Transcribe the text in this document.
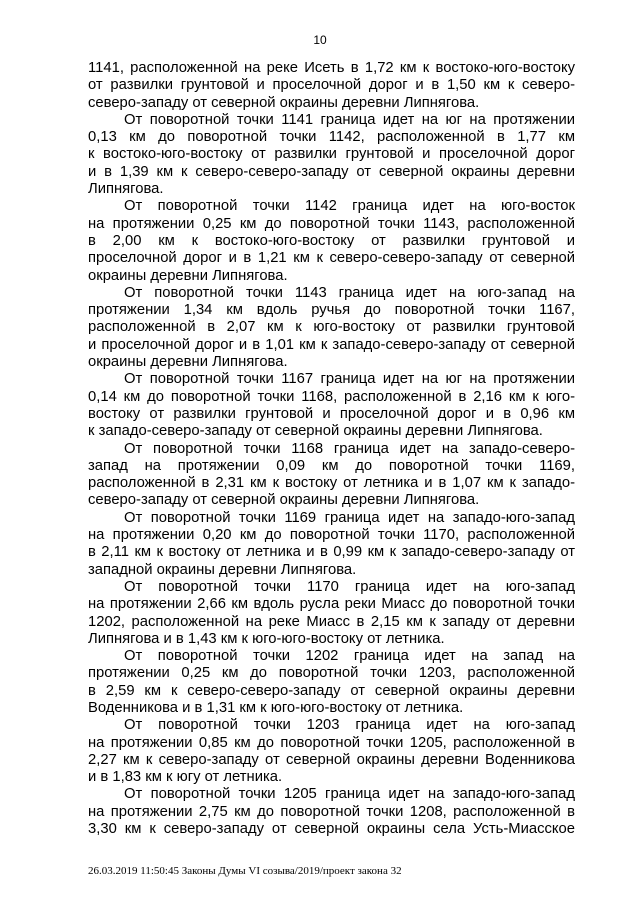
10
1141, расположенной на реке Исеть в 1,72 км к востоко-юго-востоку
от развилки грунтовой и проселочной дорог и в 1,50 км к северо-
северо-западу от северной окраины деревни Липнягова.
От поворотной точки 1141 граница идет на юг на протяжении
0,13 км до поворотной точки 1142, расположенной в 1,77 км
к востоко-юго-востоку от развилки грунтовой и проселочной дорог
и в 1,39 км к северо-северо-западу от северной окраины деревни
Липнягова.
От поворотной точки 1142 граница идет на юго-восток
на протяжении 0,25 км до поворотной точки 1143, расположенной
в 2,00 км к востоко-юго-востоку от развилки грунтовой и
проселочной дорог и в 1,21 км к северо-северо-западу от северной
окраины деревни Липнягова.
От поворотной точки 1143 граница идет на юго-запад на
протяжении 1,34 км вдоль ручья до поворотной точки 1167,
расположенной в 2,07 км к юго-востоку от развилки грунтовой
и проселочной дорог и в 1,01 км к западо-северо-западу от северной
окраины деревни Липнягова.
От поворотной точки 1167 граница идет на юг на протяжении
0,14 км до поворотной точки 1168, расположенной в 2,16 км к юго-
востоку от развилки грунтовой и проселочной дорог и в 0,96 км
к западо-северо-западу от северной окраины деревни Липнягова.
От поворотной точки 1168 граница идет на западо-северо-
запад на протяжении 0,09 км до поворотной точки 1169,
расположенной в 2,31 км к востоку от летника и в 1,07 км к западо-
северо-западу от северной окраины деревни Липнягова.
От поворотной точки 1169 граница идет на западо-юго-запад
на протяжении 0,20 км до поворотной точки 1170, расположенной
в 2,11 км к востоку от летника и в 0,99 км к западо-северо-западу от
западной окраины деревни Липнягова.
От поворотной точки 1170 граница идет на юго-запад
на протяжении 2,66 км вдоль русла реки Миасс до поворотной точки
1202, расположенной на реке Миасс в 2,15 км к западу от деревни
Липнягова и в 1,43 км к юго-юго-востоку от летника.
От поворотной точки 1202 граница идет на запад на
протяжении 0,25 км до поворотной точки 1203, расположенной
в 2,59 км к северо-северо-западу от северной окраины деревни
Воденникова и в 1,31 км к юго-юго-востоку от летника.
От поворотной точки 1203 граница идет на юго-запад
на протяжении 0,85 км до поворотной точки 1205, расположенной в
2,27 км к северо-западу от северной окраины деревни Воденникова
и в 1,83 км к югу от летника.
От поворотной точки 1205 граница идет на западо-юго-запад
на протяжении 2,75 км до поворотной точки 1208, расположенной в
3,30 км к северо-западу от северной окраины села Усть-Миасское
26.03.2019 11:50:45 Законы Думы VI созыва/2019/проект закона 32
